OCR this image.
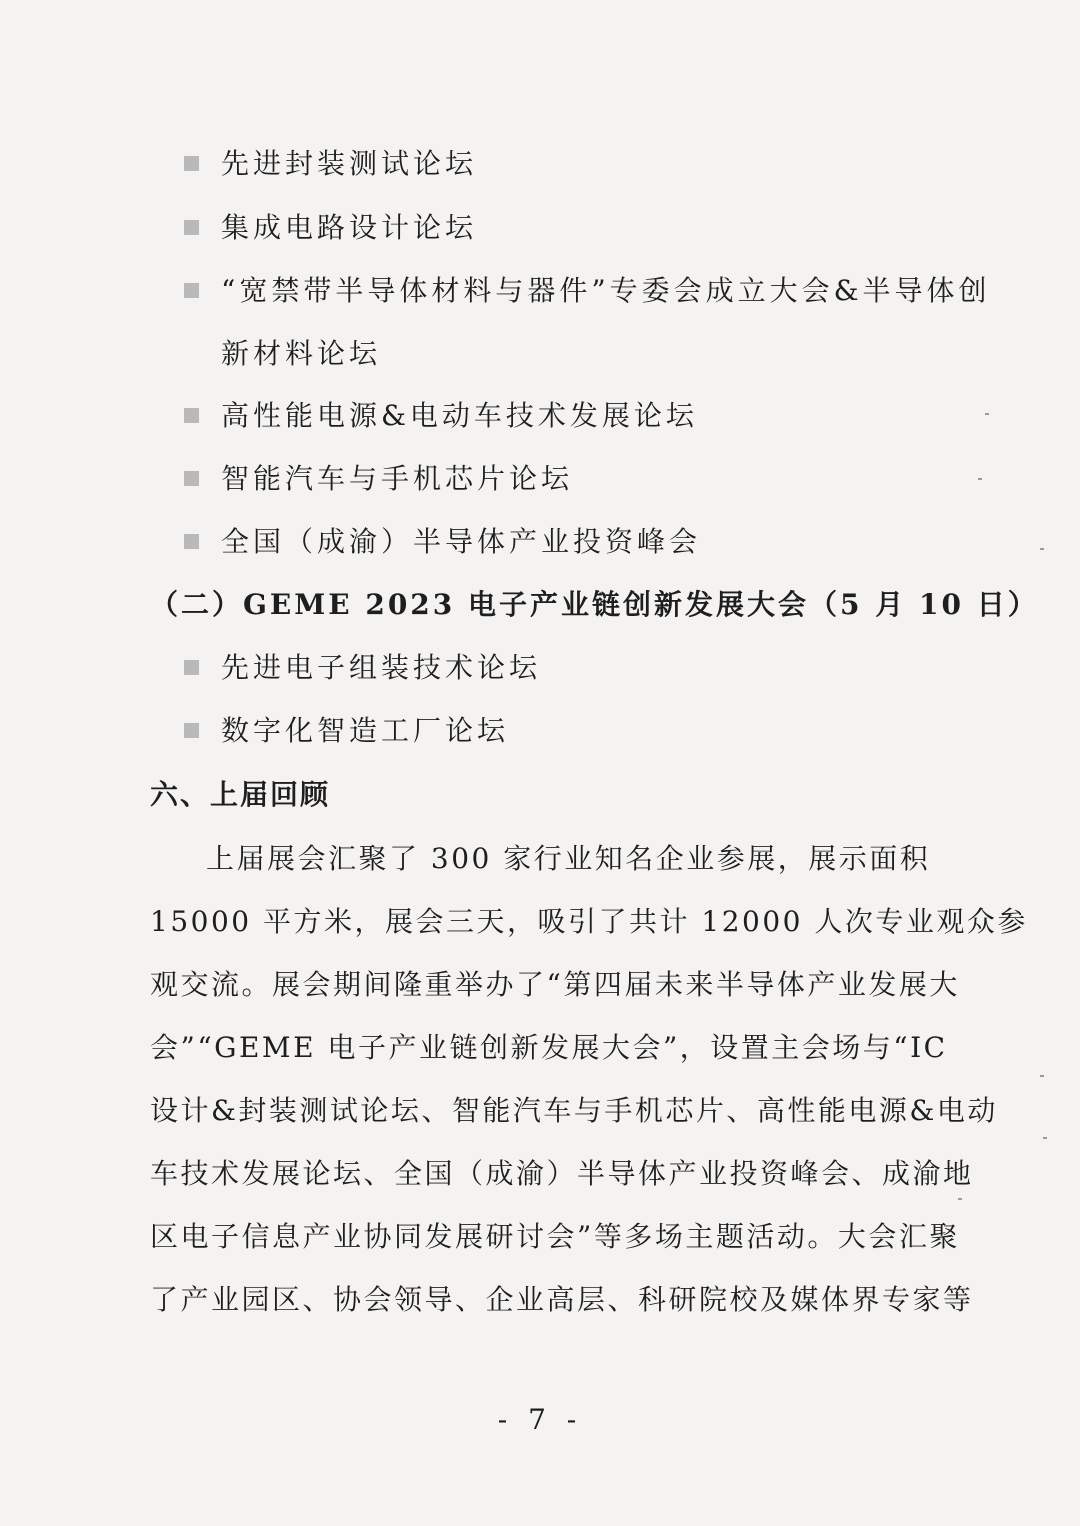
先进封装测试论坛
集成电路设计论坛
“宽禁带半导体材料与器件”专委会成立大会&半导体创
新材料论坛
高性能电源&电动车技术发展论坛
智能汽车与手机芯片论坛
全国（成渝）半导体产业投资峰会
（二）GEME 2023 电子产业链创新发展大会（5 月 10 日）
先进电子组装技术论坛
数字化智造工厂论坛
六、上届回顾
上届展会汇聚了 300 家行业知名企业参展，展示面积
15000 平方米，展会三天，吸引了共计 12000 人次专业观众参
观交流。展会期间隆重举办了“第四届未来半导体产业发展大
会”“GEME 电子产业链创新发展大会”，设置主会场与“IC
设计&封装测试论坛、智能汽车与手机芯片、高性能电源&电动
车技术发展论坛、全国（成渝）半导体产业投资峰会、成渝地
区电子信息产业协同发展研讨会”等多场主题活动。大会汇聚
了产业园区、协会领导、企业高层、科研院校及媒体界专家等
- 7 -
